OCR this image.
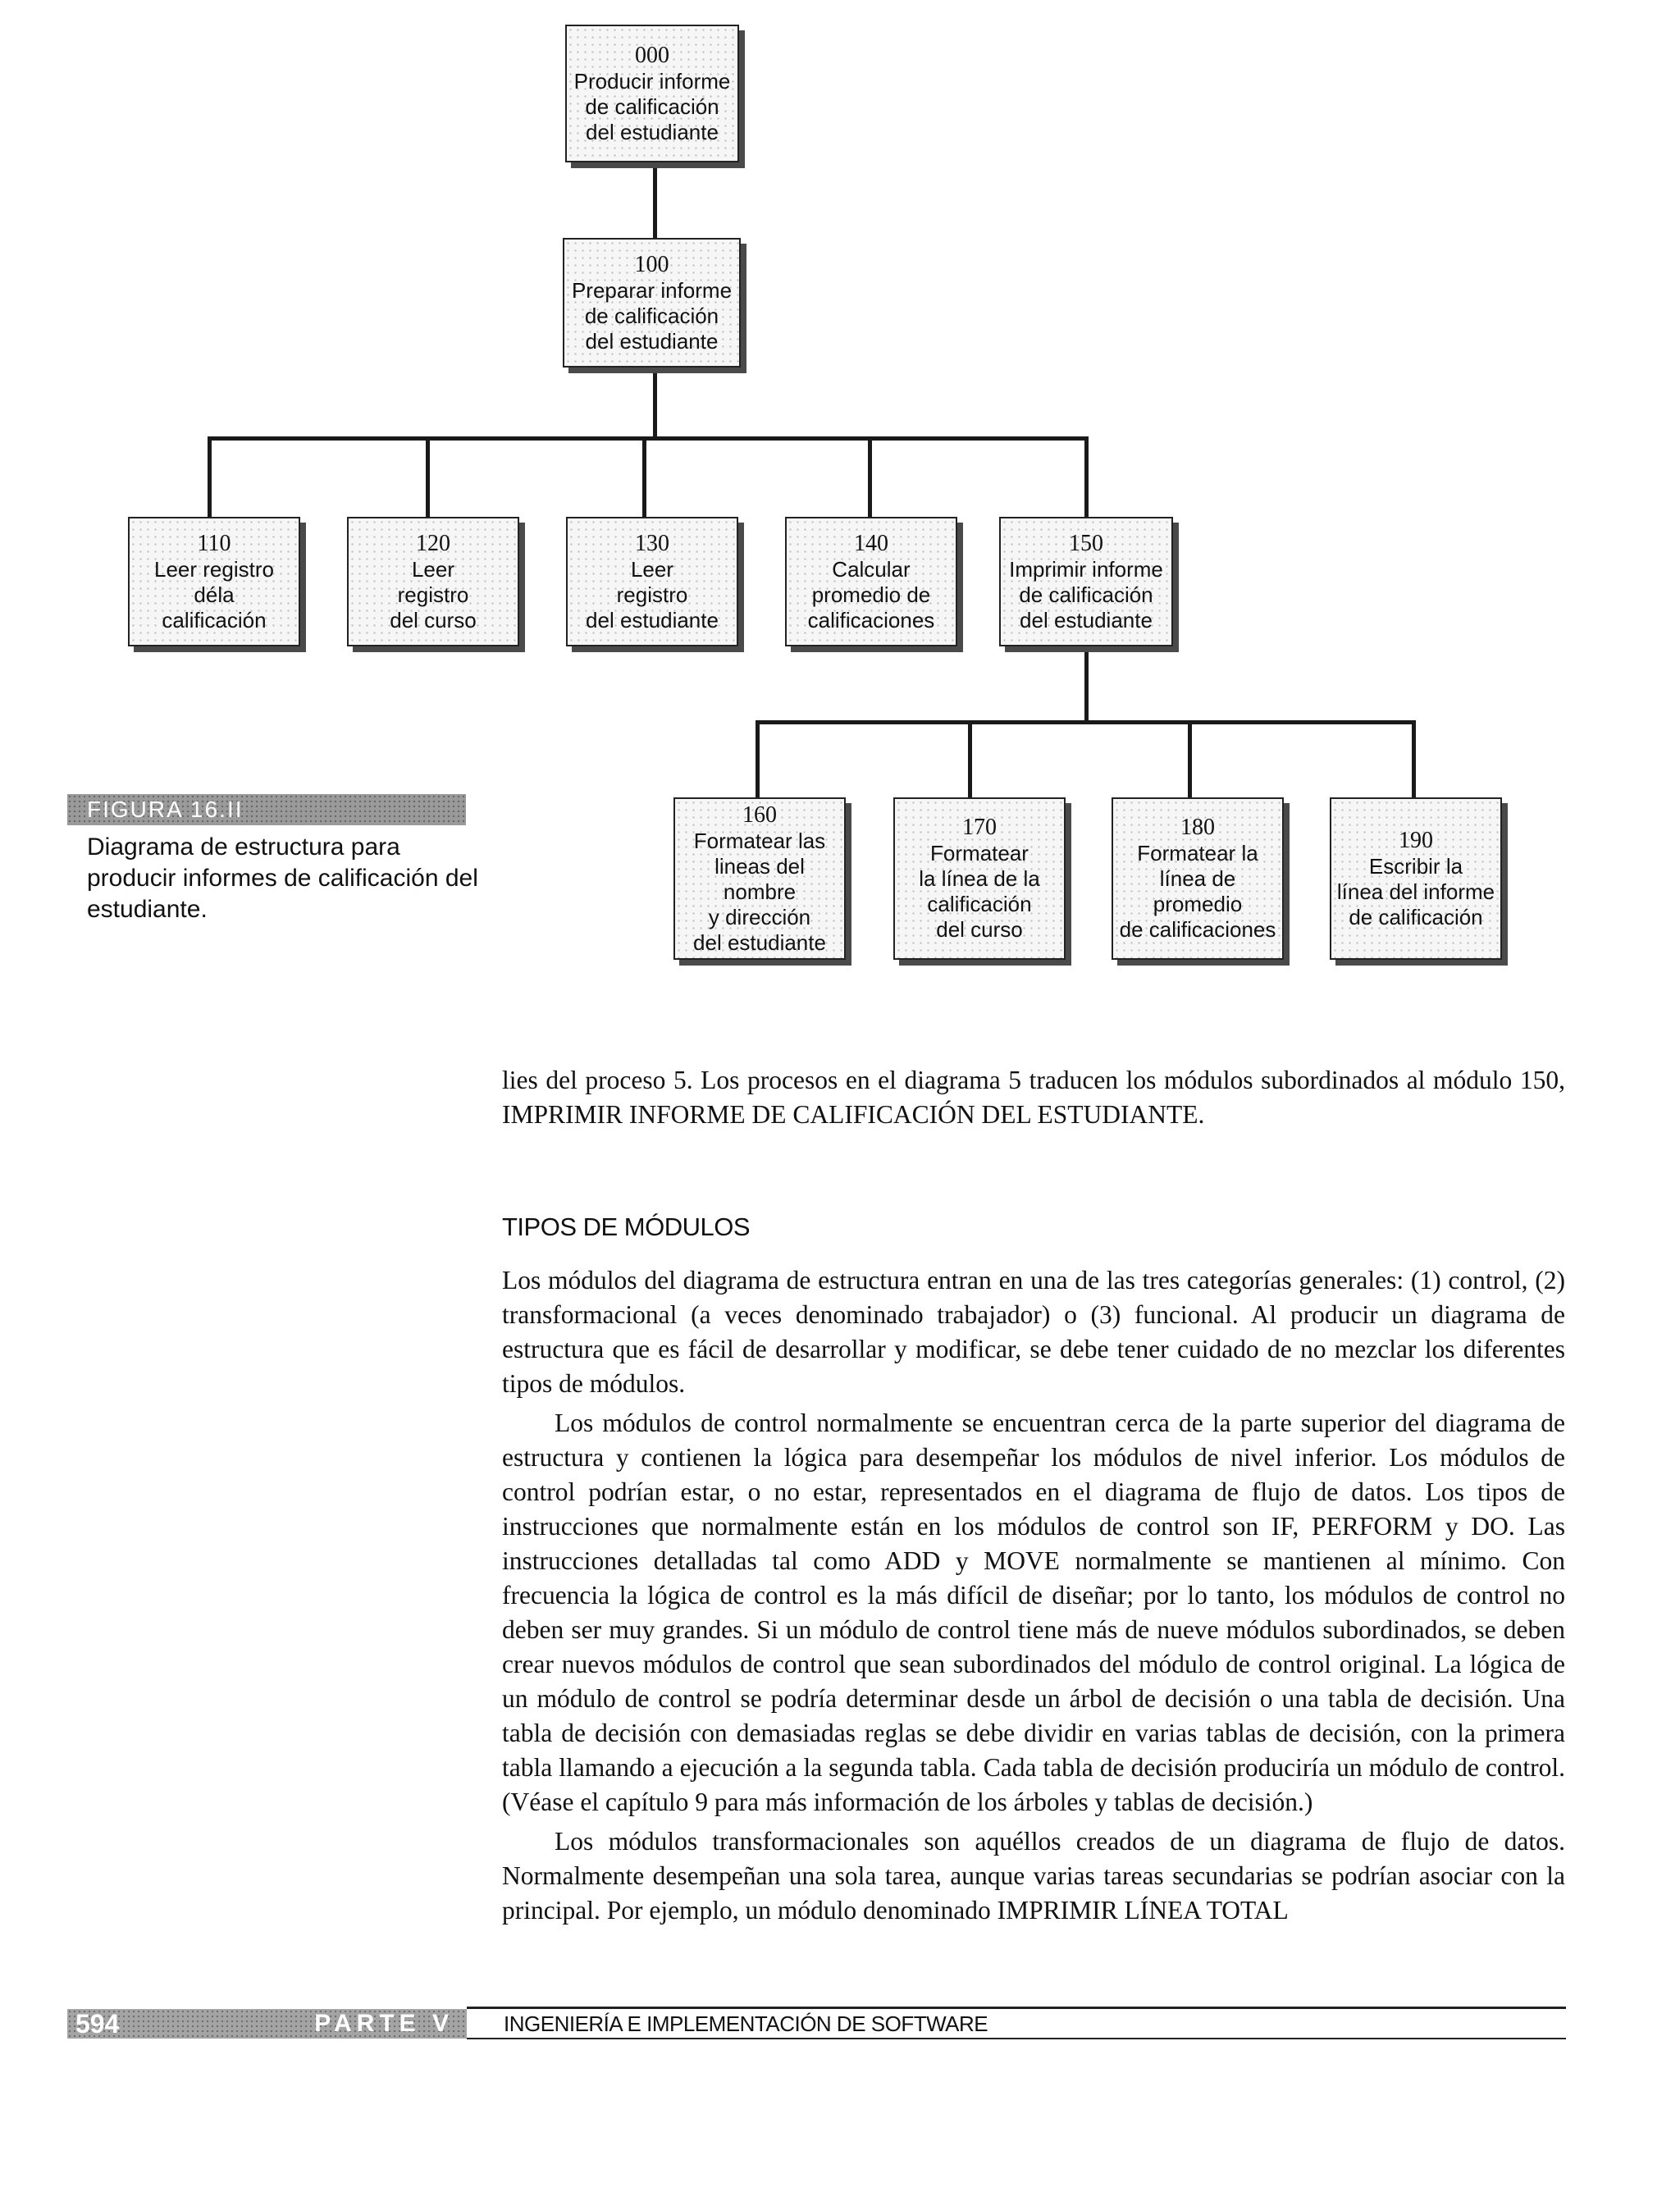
000
Producir informe
de calificación
del estudiante
100
Preparar informe
de calificación
del estudiante
110
Leer registro
déla
calificación
120
Leer
registro
del curso
130
Leer
registro
del estudiante
140
Calcular
promedio de
calificaciones
150
Imprimir informe
de calificación
del estudiante
160
Formatear las
lineas del nombre
y dirección
del estudiante
170
Formatear
la línea de la
calificación
del curso
180
Formatear la
línea de promedio
de calificaciones
190
Escribir la
línea del informe
de calificación
FIGURA 16.II
Diagrama de estructura para producir informes de calificación del estudiante.

lies del proceso 5. Los procesos en el diagrama 5 traducen los módulos subordinados al módulo 150, IMPRIMIR INFORME DE CALIFICACIÓN DEL ESTUDIANTE.

TIPOS DE MÓDULOS

Los módulos del diagrama de estructura entran en una de las tres categorías generales: (1) control, (2) transformacional (a veces denominado trabajador) o (3) funcional. Al producir un diagrama de estructura que es fácil de desarrollar y modificar, se debe tener cuidado de no mezclar los diferentes tipos de módulos.

Los módulos de control normalmente se encuentran cerca de la parte superior del diagrama de estructura y contienen la lógica para desempeñar los módulos de nivel inferior. Los módulos de control podrían estar, o no estar, representados en el diagrama de flujo de datos. Los tipos de instrucciones que normalmente están en los módulos de control son IF, PERFORM y DO. Las instrucciones detalladas tal como ADD y MOVE normalmente se mantienen al mínimo. Con frecuencia la lógica de control es la más difícil de diseñar; por lo tanto, los módulos de control no deben ser muy grandes. Si un módulo de control tiene más de nueve módulos subordinados, se deben crear nuevos módulos de control que sean subordinados del módulo de control original. La lógica de un módulo de control se podría determinar desde un árbol de decisión o una tabla de decisión. Una tabla de decisión con demasiadas reglas se debe dividir en varias tablas de decisión, con la primera tabla llamando a ejecución a la segunda tabla. Cada tabla de decisión produciría un módulo de control. (Véase el capítulo 9 para más información de los árboles y tablas de decisión.)

Los módulos transformacionales son aquéllos creados de un diagrama de flujo de datos. Normalmente desempeñan una sola tarea, aunque varias tareas secundarias se podrían asociar con la principal. Por ejemplo, un módulo denominado IMPRIMIR LÍNEA TOTAL

594	PARTE V INGENIERÍA E IMPLEMENTACIÓN DE SOFTWARE
